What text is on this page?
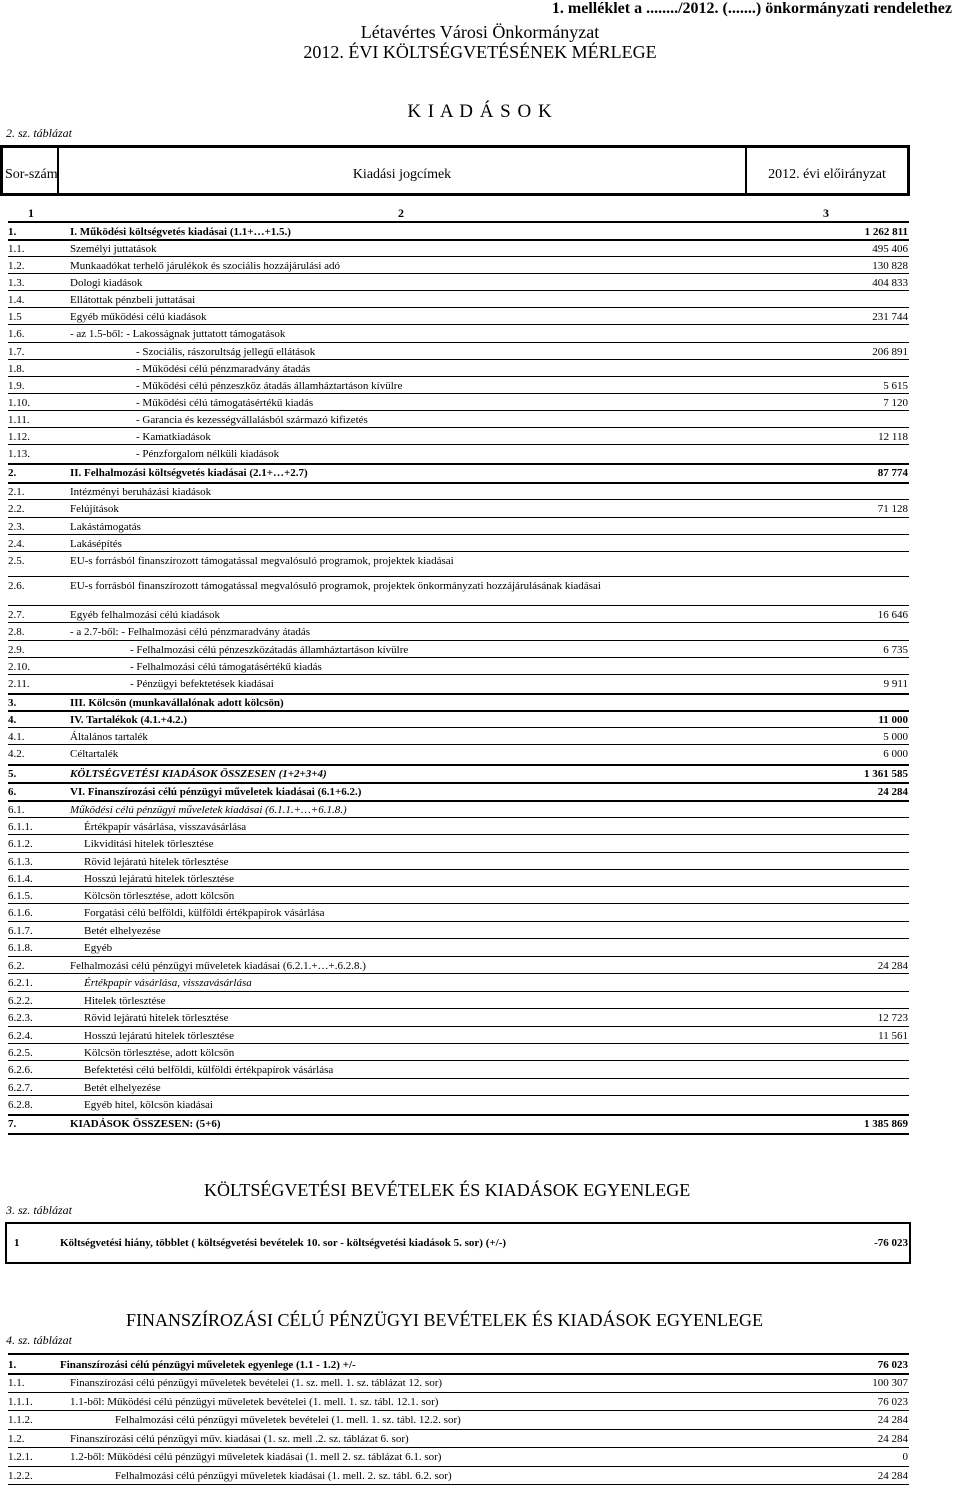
1. melléklet a ......../2012. (.......) önkormányzati rendelethez
Létavértes Városi Önkormányzat
2012. ÉVI KÖLTSÉGVETÉSÉNEK MÉRLEGE
K I A D Á S O K
2. sz. táblázat
Sor-szám	Kiadási jogcímek	2012. évi előirányzat
1	2	3
1.	I. Működési költségvetés kiadásai (1.1+…+1.5.)	1 262 811
1.1.	Személyi juttatások	495 406
1.2.	Munkaadókat terhelő járulékok és szociális hozzájárulási adó	130 828
1.3.	Dologi kiadások	404 833
1.4.	Ellátottak pénzbeli juttatásai
1.5	Egyéb működési célú kiadások	231 744
1.6.	- az 1.5-ből: - Lakosságnak juttatott támogatások
1.7.	- Szociális, rászorultság jellegű ellátások	206 891
1.8.	- Működési célú pénzmaradvány átadás
1.9.	- Működési célú pénzeszköz átadás államháztartáson kívülre	5 615
1.10.	- Működési célú támogatásértékű kiadás	7 120
1.11.	- Garancia és kezességvállalásból származó kifizetés
1.12.	- Kamatkiadások	12 118
1.13.	- Pénzforgalom nélküli kiadások
2.	II. Felhalmozási költségvetés kiadásai (2.1+…+2.7)	87 774
2.1.	Intézményi beruházási kiadások
2.2.	Felújítások	71 128
2.3.	Lakástámogatás
2.4.	Lakásépítés
2.5.	EU-s forrásból finanszírozott támogatással megvalósuló programok, projektek kiadásai
2.6.	EU-s forrásból finanszírozott támogatással megvalósuló programok, projektek önkormányzati hozzájárulásának kiadásai
2.7.	Egyéb felhalmozási célú kiadások	16 646
2.8.	- a 2.7-ből: - Felhalmozási célú pénzmaradvány átadás
2.9.	- Felhalmozási célú pénzeszközátadás államháztartáson kívülre	6 735
2.10.	- Felhalmozási célú támogatásértékű kiadás
2.11.	- Pénzügyi befektetések kiadásai	9 911
3.	III. Kölcsön (munkavállalónak adott kölcsön)
4.	IV. Tartalékok (4.1.+4.2.)	11 000
4.1.	Általános tartalék	5 000
4.2.	Céltartalék	6 000
5.	KÖLTSÉGVETÉSI KIADÁSOK ÖSSZESEN (1+2+3+4)	1 361 585
6.	VI. Finanszírozási célú pénzügyi műveletek kiadásai (6.1+6.2.)	24 284
6.1.	Működési célú pénzügyi műveletek kiadásai (6.1.1.+…+6.1.8.)
6.1.1.	Értékpapír vásárlása, visszavásárlása
6.1.2.	Likviditási hitelek törlesztése
6.1.3.	Rövid lejáratú hitelek törlesztése
6.1.4.	Hosszú lejáratú hitelek törlesztése
6.1.5.	Kölcsön törlesztése, adott kölcsön
6.1.6.	Forgatási célú belföldi, külföldi értékpapírok vásárlása
6.1.7.	Betét elhelyezése
6.1.8.	Egyéb
6.2.	Felhalmozási célú pénzügyi műveletek kiadásai (6.2.1.+…+.6.2.8.)	24 284
6.2.1.	Értékpapír vásárlása, visszavásárlása
6.2.2.	Hitelek törlesztése
6.2.3.	Rövid lejáratú hitelek törlesztése	12 723
6.2.4.	Hosszú lejáratú hitelek törlesztése	11 561
6.2.5.	Kölcsön törlesztése, adott kölcsön
6.2.6.	Befektetési célú belföldi, külföldi értékpapírok vásárlása
6.2.7.	Betét elhelyezése
6.2.8.	Egyéb hitel, kölcsön kiadásai
7.	KIADÁSOK ÖSSZESEN: (5+6)	1 385 869
KÖLTSÉGVETÉSI BEVÉTELEK ÉS KIADÁSOK EGYENLEGE
3. sz. táblázat
1	Költségvetési hiány, többlet ( költségvetési bevételek 10. sor - költségvetési kiadások 5. sor) (+/-)	-76 023
FINANSZÍROZÁSI CÉLÚ PÉNZÜGYI BEVÉTELEK ÉS KIADÁSOK EGYENLEGE
4. sz. táblázat
1.	Finanszírozási célú pénzügyi műveletek egyenlege (1.1 - 1.2) +/-	76 023
1.1.	Finanszírozási célú pénzügyi műveletek bevételei (1. sz. mell. 1. sz. táblázat 12. sor)	100 307
1.1.1.	1.1-ből: Működési célú pénzügyi műveletek bevételei (1. mell. 1. sz. tábl. 12.1. sor)	76 023
1.1.2.	Felhalmozási célú pénzügyi műveletek bevételei (1. mell. 1. sz. tábl. 12.2. sor)	24 284
1.2.	Finanszírozási célú pénzügyi műv. kiadásai (1. sz. mell .2. sz. táblázat 6. sor)	24 284
1.2.1.	1.2-ből: Működési célú pénzügyi műveletek kiadásai (1. mell 2. sz. táblázat 6.1. sor)	0
1.2.2.	Felhalmozási célú pénzügyi műveletek kiadásai (1. mell. 2. sz. tábl. 6.2. sor)	24 284
